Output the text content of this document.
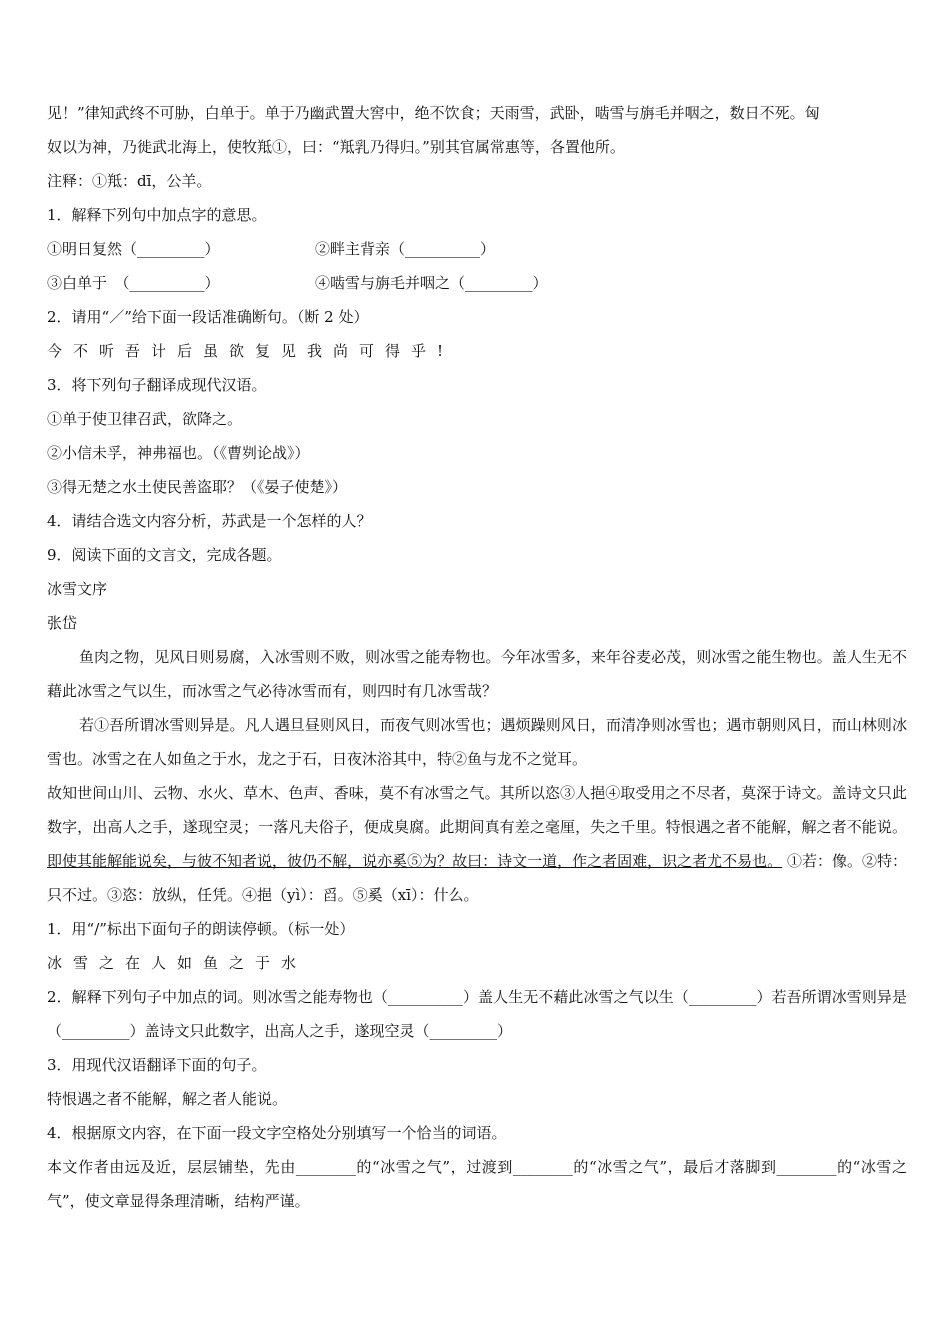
见！”律知武终不可胁，白单于。单于乃幽武置大窖中，绝不饮食；天雨雪，武卧，啮雪与旃毛并咽之，数日不死。匈
奴以为神，乃徙武北海上，使牧羝①，曰：“羝乳乃得归。”别其官属常惠等，各置他所。
注释：①羝：dī，公羊。
1．解释下列句中加点字的意思。
①明日复然（_________）	②畔主背亲（__________）
③白单于　（__________）	④啮雪与旃毛并咽之（_________）
2．请用“／”给下面一段话准确断句。（断 2 处）
今不听吾计后虽欲复见我尚可得乎!
3．将下列句子翻译成现代汉语。
①单于使卫律召武，欲降之。
②小信未孚，神弗福也。（《曹刿论战》）
③得无楚之水土使民善盗耶？（《晏子使楚》）
4．请结合选文内容分析，苏武是一个怎样的人？
9．阅读下面的文言文，完成各题。
冰雪文序
张岱
鱼肉之物，见风日则易腐，入冰雪则不败，则冰雪之能寿物也。今年冰雪多，来年谷麦必茂，则冰雪之能生物也。盖人生无不藉此冰雪之气以生，而冰雪之气必待冰雪而有，则四时有几冰雪哉？
若①吾所谓冰雪则异是。凡人遇旦昼则风日，而夜气则冰雪也；遇烦躁则风日，而清净则冰雪也；遇市朝则风日，而山林则冰雪也。冰雪之在人如鱼之于水，龙之于石，日夜沐浴其中，特②鱼与龙不之觉耳。
故知世间山川、云物、水火、草木、色声、香味，莫不有冰雪之气。其所以恣③人挹④取受用之不尽者，莫深于诗文。盖诗文只此数字，出高人之手，遂现空灵；一落凡夫俗子，便成臭腐。此期间真有差之毫厘，失之千里。特恨遇之者不能解，解之者不能说。即使其能解能说矣，与彼不知者说，彼仍不解，说亦奚⑤为？故曰：诗文一道，作之者固难，识之者尤不易也。 ①若：像。②特：只不过。③恣：放纵，任凭。④挹（yì）：舀。⑤奚（xī）：什么。
1．用“/”标出下面句子的朗读停顿。（标一处）
冰雪之在人如鱼之于水
2．解释下列句子中加点的词。则冰雪之能寿物也（__________）盖人生无不藉此冰雪之气以生（_________）若吾所谓冰雪则异是（_________）盖诗文只此数字，出高人之手，遂现空灵（_________）
3．用现代汉语翻译下面的句子。
特恨遇之者不能解，解之者人能说。
4．根据原文内容，在下面一段文字空格处分别填写一个恰当的词语。
本文作者由远及近，层层铺垫，先由________的“冰雪之气”，过渡到________的“冰雪之气”，最后才落脚到________的“冰雪之气”，使文章显得条理清晰，结构严谨。
